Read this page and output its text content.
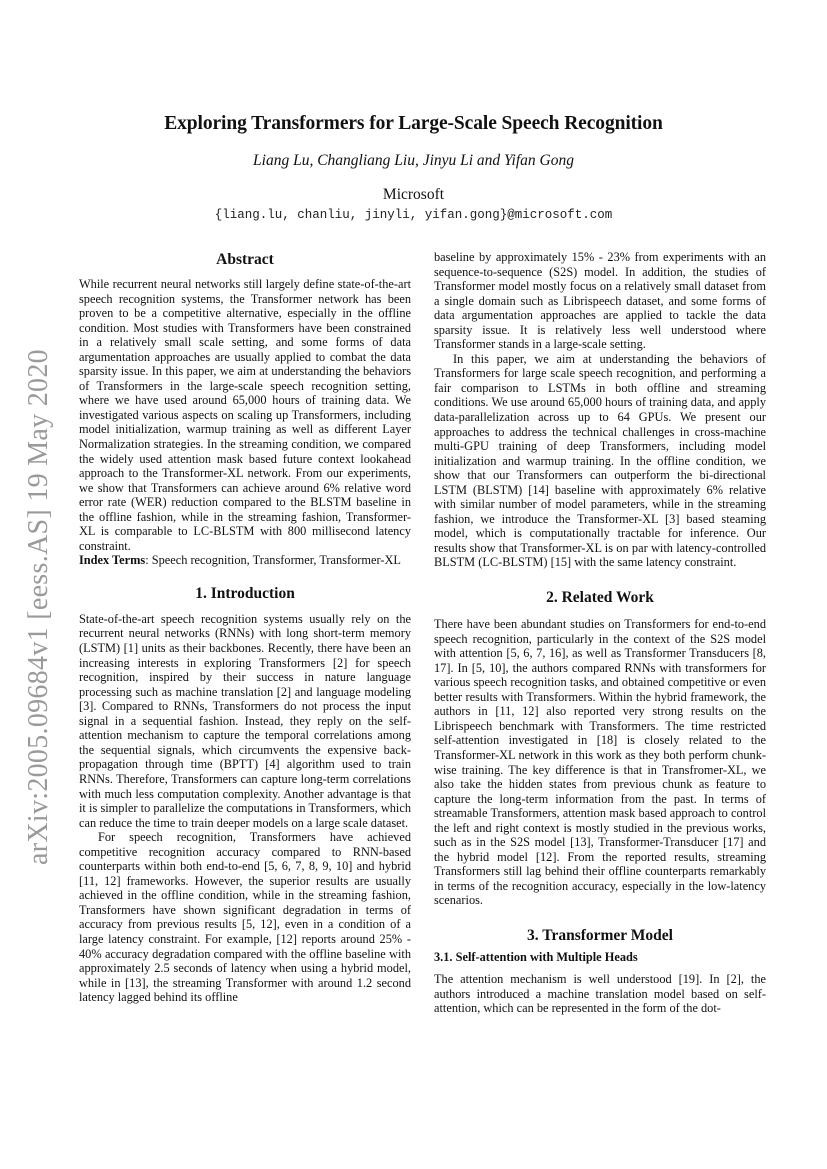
arXiv:2005.09684v1 [eess.AS] 19 May 2020
Exploring Transformers for Large-Scale Speech Recognition
Liang Lu, Changliang Liu, Jinyu Li and Yifan Gong
Microsoft
{liang.lu, chanliu, jinyli, yifan.gong}@microsoft.com
Abstract

While recurrent neural networks still largely define state-of-the-art speech recognition systems, the Transformer network has been proven to be a competitive alternative, especially in the offline condition. Most studies with Transformers have been constrained in a relatively small scale setting, and some forms of data argumentation approaches are usually applied to combat the data sparsity issue. In this paper, we aim at understanding the behaviors of Transformers in the large-scale speech recognition setting, where we have used around 65,000 hours of training data. We investigated various aspects on scaling up Transformers, including model initialization, warmup training as well as different Layer Normalization strategies. In the streaming condition, we compared the widely used attention mask based future context lookahead approach to the Transformer-XL network. From our experiments, we show that Transformers can achieve around 6% relative word error rate (WER) reduction compared to the BLSTM baseline in the offline fashion, while in the streaming fashion, Transformer-XL is comparable to LC-BLSTM with 800 millisecond latency constraint.

Index Terms: Speech recognition, Transformer, Transformer-XL

1. Introduction

State-of-the-art speech recognition systems usually rely on the recurrent neural networks (RNNs) with long short-term memory (LSTM) [1] units as their backbones. Recently, there have been an increasing interests in exploring Transformers [2] for speech recognition, inspired by their success in nature language processing such as machine translation [2] and language modeling [3]. Compared to RNNs, Transformers do not process the input signal in a sequential fashion. Instead, they reply on the self-attention mechanism to capture the temporal correlations among the sequential signals, which circumvents the expensive back-propagation through time (BPTT) [4] algorithm used to train RNNs. Therefore, Transformers can capture long-term correlations with much less computation complexity. Another advantage is that it is simpler to parallelize the computations in Transformers, which can reduce the time to train deeper models on a large scale dataset.

For speech recognition, Transformers have achieved competitive recognition accuracy compared to RNN-based counterparts within both end-to-end [5, 6, 7, 8, 9, 10] and hybrid [11, 12] frameworks. However, the superior results are usually achieved in the offline condition, while in the streaming fashion, Transformers have shown significant degradation in terms of accuracy from previous results [5, 12], even in a condition of a large latency constraint. For example, [12] reports around 25% - 40% accuracy degradation compared with the offline baseline with approximately 2.5 seconds of latency when using a hybrid model, while in [13], the streaming Transformer with around 1.2 second latency lagged behind its offline

baseline by approximately 15% - 23% from experiments with an sequence-to-sequence (S2S) model. In addition, the studies of Transformer model mostly focus on a relatively small dataset from a single domain such as Librispeech dataset, and some forms of data argumentation approaches are applied to tackle the data sparsity issue. It is relatively less well understood where Transformer stands in a large-scale setting.

In this paper, we aim at understanding the behaviors of Transformers for large scale speech recognition, and performing a fair comparison to LSTMs in both offline and streaming conditions. We use around 65,000 hours of training data, and apply data-parallelization across up to 64 GPUs. We present our approaches to address the technical challenges in cross-machine multi-GPU training of deep Transformers, including model initialization and warmup training. In the offline condition, we show that our Transformers can outperform the bi-directional LSTM (BLSTM) [14] baseline with approximately 6% relative with similar number of model parameters, while in the streaming fashion, we introduce the Transformer-XL [3] based steaming model, which is computationally tractable for inference. Our results show that Transformer-XL is on par with latency-controlled BLSTM (LC-BLSTM) [15] with the same latency constraint.

2. Related Work

There have been abundant studies on Transformers for end-to-end speech recognition, particularly in the context of the S2S model with attention [5, 6, 7, 16], as well as Transformer Transducers [8, 17]. In [5, 10], the authors compared RNNs with transformers for various speech recognition tasks, and obtained competitive or even better results with Transformers. Within the hybrid framework, the authors in [11, 12] also reported very strong results on the Librispeech benchmark with Transformers. The time restricted self-attention investigated in [18] is closely related to the Transformer-XL network in this work as they both perform chunk-wise training. The key difference is that in Transfromer-XL, we also take the hidden states from previous chunk as feature to capture the long-term information from the past. In terms of streamable Transformers, attention mask based approach to control the left and right context is mostly studied in the previous works, such as in the S2S model [13], Transformer-Transducer [17] and the hybrid model [12]. From the reported results, streaming Transformers still lag behind their offline counterparts remarkably in terms of the recognition accuracy, especially in the low-latency scenarios.

3. Transformer Model
3.1. Self-attention with Multiple Heads

The attention mechanism is well understood [19]. In [2], the authors introduced a machine translation model based on self-attention, which can be represented in the form of the dot-
